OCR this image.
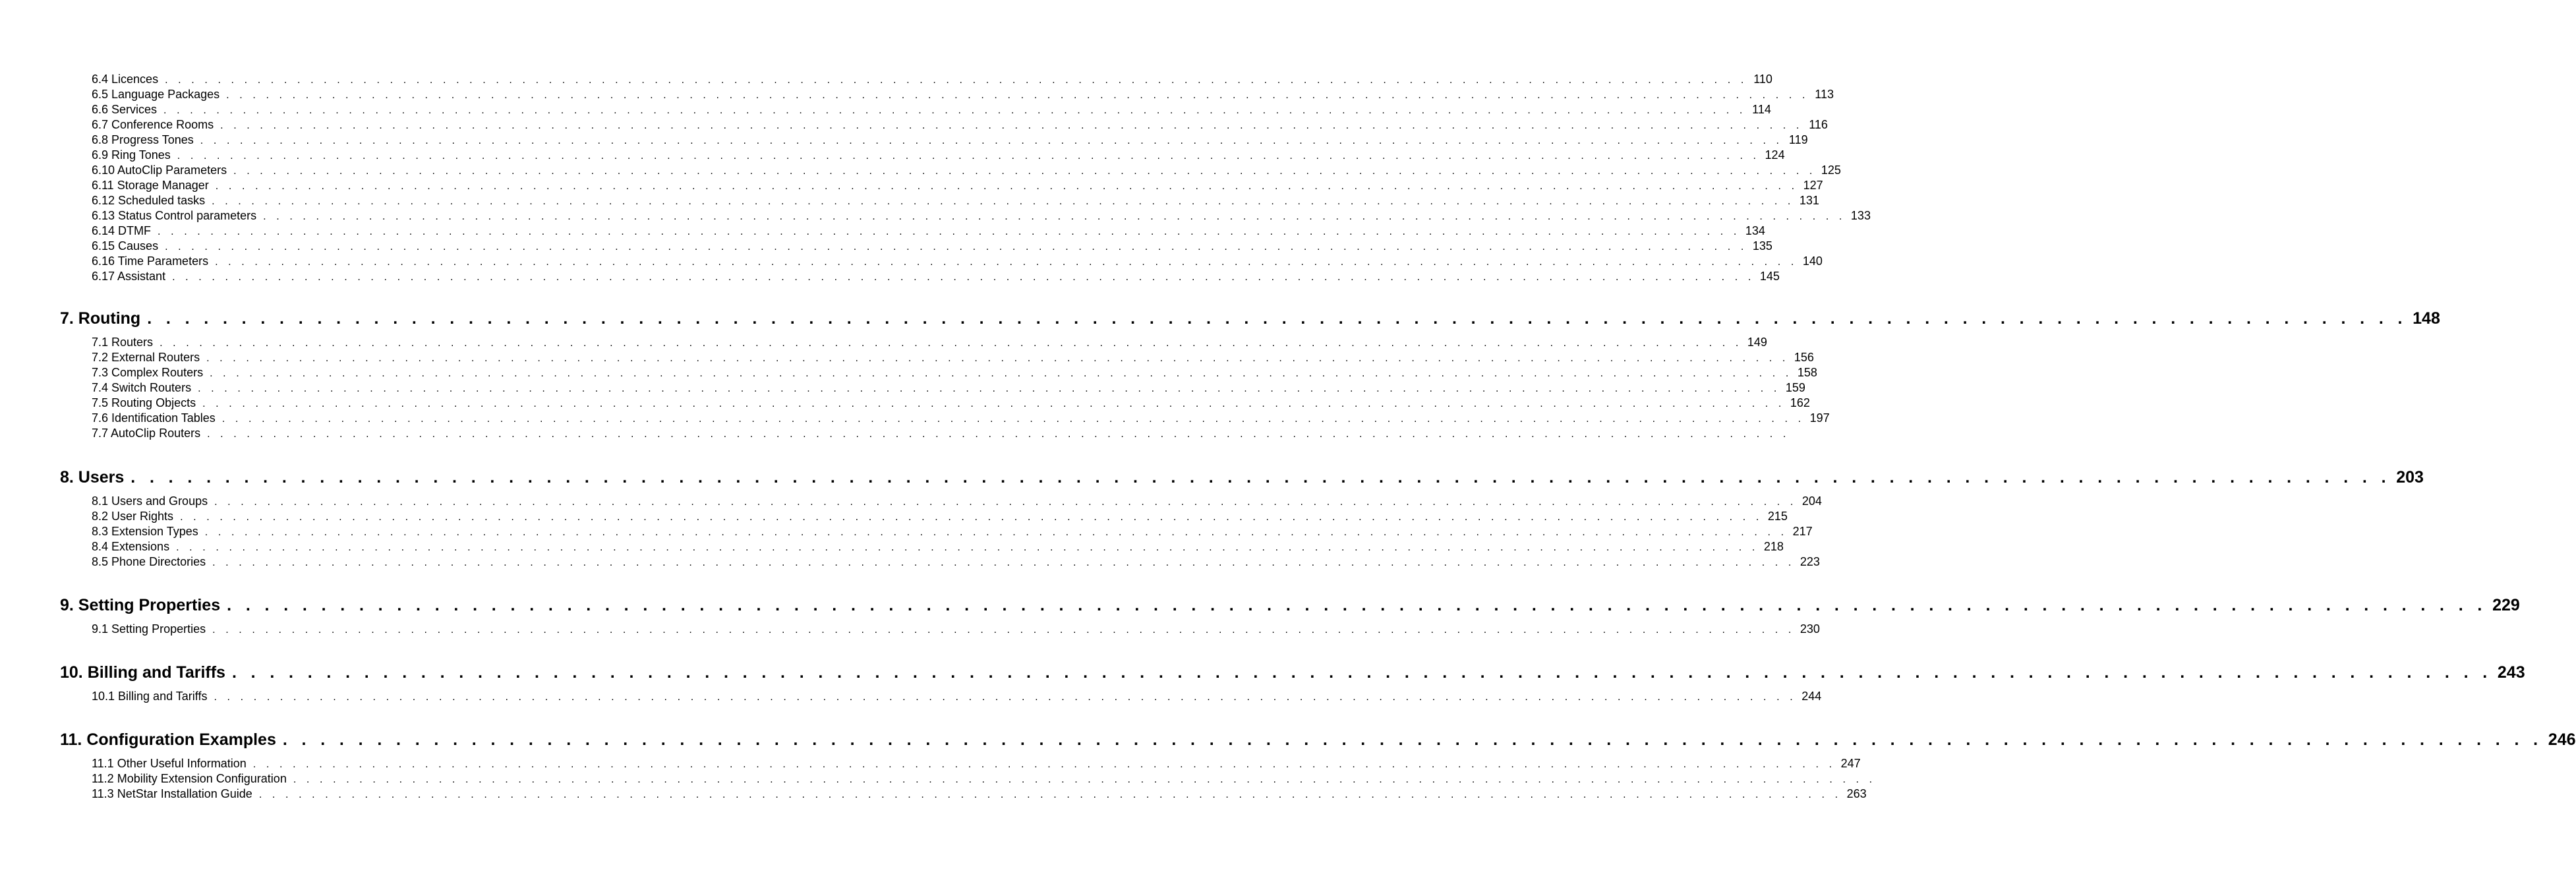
6.4 Licences . . . . . . . . . . . . . . . . . . . . . . . . . . . . . . . . . . . . . . . . . . . . . . . . . . . . . . . . . . . . . . . . . . . . . . . . . . . . . . . . . . . . . . . . . . . . . . . . . . . . . . . . . . . . . . . . . . . . . . . . 110
6.5 Language Packages . . . . . . . . . . . . . . . . . . . . . . . . . . . . . . . . . . . . . . . . . . . . . . . . . . . . . . . . . . . . . . . . . . . . . . . . . . . . . . . . . . . . . . . . . . . . . . . . . . . . . . . . . . . . . . . . . . . . . . . . 113
6.6 Services . . . . . . . . . . . . . . . . . . . . . . . . . . . . . . . . . . . . . . . . . . . . . . . . . . . . . . . . . . . . . . . . . . . . . . . . . . . . . . . . . . . . . . . . . . . . . . . . . . . . . . . . . . . . . . . . . . . . . . . . 114
6.7 Conference Rooms . . . . . . . . . . . . . . . . . . . . . . . . . . . . . . . . . . . . . . . . . . . . . . . . . . . . . . . . . . . . . . . . . . . . . . . . . . . . . . . . . . . . . . . . . . . . . . . . . . . . . . . . . . . . . . . . . . . . . . . . 116
6.8 Progress Tones . . . . . . . . . . . . . . . . . . . . . . . . . . . . . . . . . . . . . . . . . . . . . . . . . . . . . . . . . . . . . . . . . . . . . . . . . . . . . . . . . . . . . . . . . . . . . . . . . . . . . . . . . . . . . . . . . . . . . . . . 119
6.9 Ring Tones . . . . . . . . . . . . . . . . . . . . . . . . . . . . . . . . . . . . . . . . . . . . . . . . . . . . . . . . . . . . . . . . . . . . . . . . . . . . . . . . . . . . . . . . . . . . . . . . . . . . . . . . . . . . . . . . . . . . . . . . 124
6.10 AutoClip Parameters . . . . . . . . . . . . . . . . . . . . . . . . . . . . . . . . . . . . . . . . . . . . . . . . . . . . . . . . . . . . . . . . . . . . . . . . . . . . . . . . . . . . . . . . . . . . . . . . . . . . . . . . . . . . . . . . . . . . . . . . 125
6.11 Storage Manager . . . . . . . . . . . . . . . . . . . . . . . . . . . . . . . . . . . . . . . . . . . . . . . . . . . . . . . . . . . . . . . . . . . . . . . . . . . . . . . . . . . . . . . . . . . . . . . . . . . . . . . . . . . . . . . . . . . . . . . . 127
6.12 Scheduled tasks . . . . . . . . . . . . . . . . . . . . . . . . . . . . . . . . . . . . . . . . . . . . . . . . . . . . . . . . . . . . . . . . . . . . . . . . . . . . . . . . . . . . . . . . . . . . . . . . . . . . . . . . . . . . . . . . . . . . . . . . 131
6.13 Status Control parameters . . . . . . . . . . . . . . . . . . . . . . . . . . . . . . . . . . . . . . . . . . . . . . . . . . . . . . . . . . . . . . . . . . . . . . . . . . . . . . . . . . . . . . . . . . . . . . . . . . . . . . . . . . . . . . . . . . . . . . . . 133
6.14 DTMF . . . . . . . . . . . . . . . . . . . . . . . . . . . . . . . . . . . . . . . . . . . . . . . . . . . . . . . . . . . . . . . . . . . . . . . . . . . . . . . . . . . . . . . . . . . . . . . . . . . . . . . . . . . . . . . . . . . . . . . . 134
6.15 Causes . . . . . . . . . . . . . . . . . . . . . . . . . . . . . . . . . . . . . . . . . . . . . . . . . . . . . . . . . . . . . . . . . . . . . . . . . . . . . . . . . . . . . . . . . . . . . . . . . . . . . . . . . . . . . . . . . . . . . . . . 135
6.16 Time Parameters . . . . . . . . . . . . . . . . . . . . . . . . . . . . . . . . . . . . . . . . . . . . . . . . . . . . . . . . . . . . . . . . . . . . . . . . . . . . . . . . . . . . . . . . . . . . . . . . . . . . . . . . . . . . . . . . . . . . . . . . 140
6.17 Assistant . . . . . . . . . . . . . . . . . . . . . . . . . . . . . . . . . . . . . . . . . . . . . . . . . . . . . . . . . . . . . . . . . . . . . . . . . . . . . . . . . . . . . . . . . . . . . . . . . . . . . . . . . . . . . . . . . . . . . . . . 145
7. Routing . . . . . . . . . . . . . . . . . . . . . . . . . . . . . . . . . . . . . . . . . . . . . . . . . . . . . . . . . . . . . . . . . . . . . . . . . . . . . . . . . . . . . . . . . . . . . . . . . . . . . . . . . . . . . . . . . . . . . . . . 148
7.1 Routers . . . . . . . . . . . . . . . . . . . . . . . . . . . . . . . . . . . . . . . . . . . . . . . . . . . . . . . . . . . . . . . . . . . . . . . . . . . . . . . . . . . . . . . . . . . . . . . . . . . . . . . . . . . . . . . . . . . . . . . . 149
7.2 External Routers . . . . . . . . . . . . . . . . . . . . . . . . . . . . . . . . . . . . . . . . . . . . . . . . . . . . . . . . . . . . . . . . . . . . . . . . . . . . . . . . . . . . . . . . . . . . . . . . . . . . . . . . . . . . . . . . . . . . . . . . 156
7.3 Complex Routers . . . . . . . . . . . . . . . . . . . . . . . . . . . . . . . . . . . . . . . . . . . . . . . . . . . . . . . . . . . . . . . . . . . . . . . . . . . . . . . . . . . . . . . . . . . . . . . . . . . . . . . . . . . . . . . . . . . . . . . . 158
7.4 Switch Routers . . . . . . . . . . . . . . . . . . . . . . . . . . . . . . . . . . . . . . . . . . . . . . . . . . . . . . . . . . . . . . . . . . . . . . . . . . . . . . . . . . . . . . . . . . . . . . . . . . . . . . . . . . . . . . . . . . . . . . . . 159
7.5 Routing Objects . . . . . . . . . . . . . . . . . . . . . . . . . . . . . . . . . . . . . . . . . . . . . . . . . . . . . . . . . . . . . . . . . . . . . . . . . . . . . . . . . . . . . . . . . . . . . . . . . . . . . . . . . . . . . . . . . . . . . . . . 162
7.6 Identification Tables . . . . . . . . . . . . . . . . . . . . . . . . . . . . . . . . . . . . . . . . . . . . . . . . . . . . . . . . . . . . . . . . . . . . . . . . . . . . . . . . . . . . . . . . . . . . . . . . . . . . . . . . . . . . . . . . . . . . . . . . 197
7.7 AutoClip Routers . . . . . . . . . . . . . . . . . . . . . . . . . . . . . . . . . . . . . . . . . . . . . . . . . . . . . . . . . . . . . . . . . . . . . . . . . . . . . . . . . . . . . . . . . . . . . . . . . . . . . . . . . . . . . . . . . . . . . . . .
8. Users . . . . . . . . . . . . . . . . . . . . . . . . . . . . . . . . . . . . . . . . . . . . . . . . . . . . . . . . . . . . . . . . . . . . . . . . . . . . . . . . . . . . . . . . . . . . . . . . . . . . . . . . . . . . . . . . . . . . . . . . 203
8.1 Users and Groups . . . . . . . . . . . . . . . . . . . . . . . . . . . . . . . . . . . . . . . . . . . . . . . . . . . . . . . . . . . . . . . . . . . . . . . . . . . . . . . . . . . . . . . . . . . . . . . . . . . . . . . . . . . . . . . . . . . . . . . . 204
8.2 User Rights . . . . . . . . . . . . . . . . . . . . . . . . . . . . . . . . . . . . . . . . . . . . . . . . . . . . . . . . . . . . . . . . . . . . . . . . . . . . . . . . . . . . . . . . . . . . . . . . . . . . . . . . . . . . . . . . . . . . . . . . 215
8.3 Extension Types . . . . . . . . . . . . . . . . . . . . . . . . . . . . . . . . . . . . . . . . . . . . . . . . . . . . . . . . . . . . . . . . . . . . . . . . . . . . . . . . . . . . . . . . . . . . . . . . . . . . . . . . . . . . . . . . . . . . . . . . 217
8.4 Extensions . . . . . . . . . . . . . . . . . . . . . . . . . . . . . . . . . . . . . . . . . . . . . . . . . . . . . . . . . . . . . . . . . . . . . . . . . . . . . . . . . . . . . . . . . . . . . . . . . . . . . . . . . . . . . . . . . . . . . . . . 218
8.5 Phone Directories . . . . . . . . . . . . . . . . . . . . . . . . . . . . . . . . . . . . . . . . . . . . . . . . . . . . . . . . . . . . . . . . . . . . . . . . . . . . . . . . . . . . . . . . . . . . . . . . . . . . . . . . . . . . . . . . . . . . . . . . 223
9. Setting Properties . . . . . . . . . . . . . . . . . . . . . . . . . . . . . . . . . . . . . . . . . . . . . . . . . . . . . . . . . . . . . . . . . . . . . . . . . . . . . . . . . . . . . . . . . . . . . . . . . . . . . . . . . . . . . . . . . . . . . . . . 229
9.1 Setting Properties . . . . . . . . . . . . . . . . . . . . . . . . . . . . . . . . . . . . . . . . . . . . . . . . . . . . . . . . . . . . . . . . . . . . . . . . . . . . . . . . . . . . . . . . . . . . . . . . . . . . . . . . . . . . . . . . . . . . . . . . 230
10. Billing and Tariffs . . . . . . . . . . . . . . . . . . . . . . . . . . . . . . . . . . . . . . . . . . . . . . . . . . . . . . . . . . . . . . . . . . . . . . . . . . . . . . . . . . . . . . . . . . . . . . . . . . . . . . . . . . . . . . . . . . . . . . . . 243
10.1 Billing and Tariffs . . . . . . . . . . . . . . . . . . . . . . . . . . . . . . . . . . . . . . . . . . . . . . . . . . . . . . . . . . . . . . . . . . . . . . . . . . . . . . . . . . . . . . . . . . . . . . . . . . . . . . . . . . . . . . . . . . . . . . . . 244
11. Configuration Examples . . . . . . . . . . . . . . . . . . . . . . . . . . . . . . . . . . . . . . . . . . . . . . . . . . . . . . . . . . . . . . . . . . . . . . . . . . . . . . . . . . . . . . . . . . . . . . . . . . . . . . . . . . . . . . . . . . . . . . . . 246
11.1 Other Useful Information . . . . . . . . . . . . . . . . . . . . . . . . . . . . . . . . . . . . . . . . . . . . . . . . . . . . . . . . . . . . . . . . . . . . . . . . . . . . . . . . . . . . . . . . . . . . . . . . . . . . . . . . . . . . . . . . . . . . . . . . 247
11.2 Mobility Extension Configuration . . . . . . . . . . . . . . . . . . . . . . . . . . . . . . . . . . . . . . . . . . . . . . . . . . . . . . . . . . . . . . . . . . . . . . . . . . . . . . . . . . . . . . . . . . . . . . . . . . . . . . . . . . . . . . . . . . . . . . . .
11.3 NetStar Installation Guide . . . . . . . . . . . . . . . . . . . . . . . . . . . . . . . . . . . . . . . . . . . . . . . . . . . . . . . . . . . . . . . . . . . . . . . . . . . . . . . . . . . . . . . . . . . . . . . . . . . . . . . . . . . . . . . . . . . . . . . . 263
